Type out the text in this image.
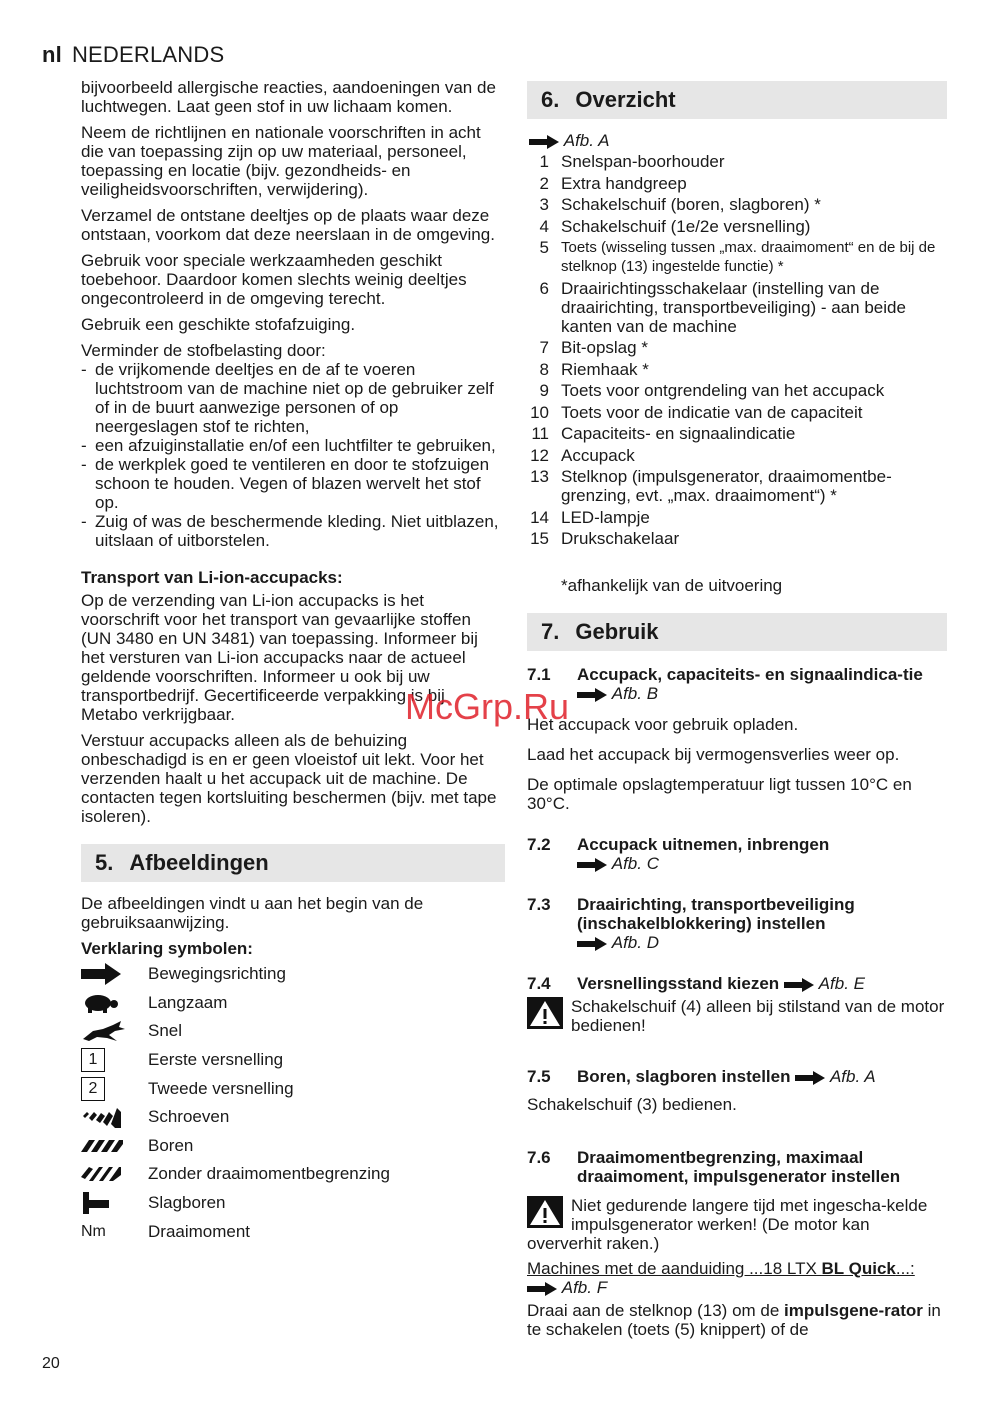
nl NEDERLANDS

bijvoorbeeld allergische reacties, aandoeningen van de luchtwegen. Laat geen stof in uw lichaam komen.

Neem de richtlijnen en nationale voorschriften in acht die van toepassing zijn op uw materiaal, personeel, toepassing en locatie (bijv. gezondheids- en veiligheidsvoorschriften, verwijdering).

Verzamel de ontstane deeltjes op de plaats waar deze ontstaan, voorkom dat deze neerslaan in de omgeving.

Gebruik voor speciale werkzaamheden geschikt toebehoor. Daardoor komen slechts weinig deeltjes ongecontroleerd in de omgeving terecht.

Gebruik een geschikte stofafzuiging.

Verminder de stofbelasting door:

- de vrijkomende deeltjes en de af te voeren luchtstroom van de machine niet op de gebruiker zelf of in de buurt aanwezige personen of op neergeslagen stof te richten,
- een afzuiginstallatie en/of een luchtfilter te gebruiken,
- de werkplek goed te ventileren en door te stofzuigen schoon te houden. Vegen of blazen wervelt het stof op.
- Zuig of was de beschermende kleding. Niet uitblazen, uitslaan of uitborstelen.
Transport van Li-ion-accupacks:

Op de verzending van Li-ion accupacks is het voorschrift voor het transport van gevaarlijke stoffen (UN 3480 en UN 3481) van toepassing. Informeer bij het versturen van Li-ion accupacks naar de actueel geldende voorschriften. Informeer u ook bij uw transportbedrijf. Gecertificeerde verpakking is bij Metabo verkrijgbaar.

Verstuur accupacks alleen als de behuizing onbeschadigd is en er geen vloeistof uit lekt. Voor het verzenden haalt u het accupack uit de machine. De contacten tegen kortsluiting beschermen (bijv. met tape isoleren).

5. Afbeeldingen

De afbeeldingen vindt u aan het begin van de gebruiksaanwijzing.

Verklaring symbolen:
Bewegingsrichting
Langzaam
Snel
1	Eerste versnelling
2	Tweede versnelling
Schroeven
Boren
Zonder draaimomentbegrenzing
Slagboren
Nm Draaimoment
6. Overzicht
Afb. A
1 Snelspan-boorhouder
2 Extra handgreep
3 Schakelschuif (boren, slagboren) *
4 Schakelschuif (1e/2e versnelling)
5 Toets (wisseling tussen „max. draaimoment“ en de bij de stelknop (13) ingestelde functie) *
6 Draairichtingsschakelaar (instelling van de draairichting, transportbeveiliging) - aan beide kanten van de machine
7 Bit-opslag *
8 Riemhaak *
9 Toets voor ontgrendeling van het accupack
10 Toets voor de indicatie van de capaciteit
11 Capaciteits- en signaalindicatie
12 Accupack
13 Stelknop (impulsgenerator, draaimomentbe-grenzing, evt. „max. draaimoment“) *
14 LED-lampje
15 Drukschakelaar

*afhankelijk van de uitvoering

7. Gebruik
7.1	Accupack, capaciteits- en signaalindica-tie  Afb. B

Het accupack voor gebruik opladen.

Laad het accupack bij vermogensverlies weer op.

De optimale opslagtemperatuur ligt tussen 10°C en 30°C.

7.2	Accupack uitnemen, inbrengen
Afb. C
7.3	Draairichting, transportbeveiliging (inschakelblokkering) instellen
Afb. D
7.4	Versnellingsstand kiezen Afb. E
Schakelschuif (4) alleen bij stilstand van de motor bedienen!
7.5	Boren, slagboren instellen Afb. A

Schakelschuif (3) bedienen.

7.6	Draaimomentbegrenzing, maximaal draaimoment, impulsgenerator instellen
Niet gedurende langere tijd met ingescha-kelde impulsgenerator werken! (De motor kan oververhit raken.)
Machines met de aanduiding ...18 LTX BL Quick...:
Afb. F

Draai aan de stelknop (13) om de impulsgene-rator in te schakelen (toets (5) knippert) of de

McGrp.Ru
20
